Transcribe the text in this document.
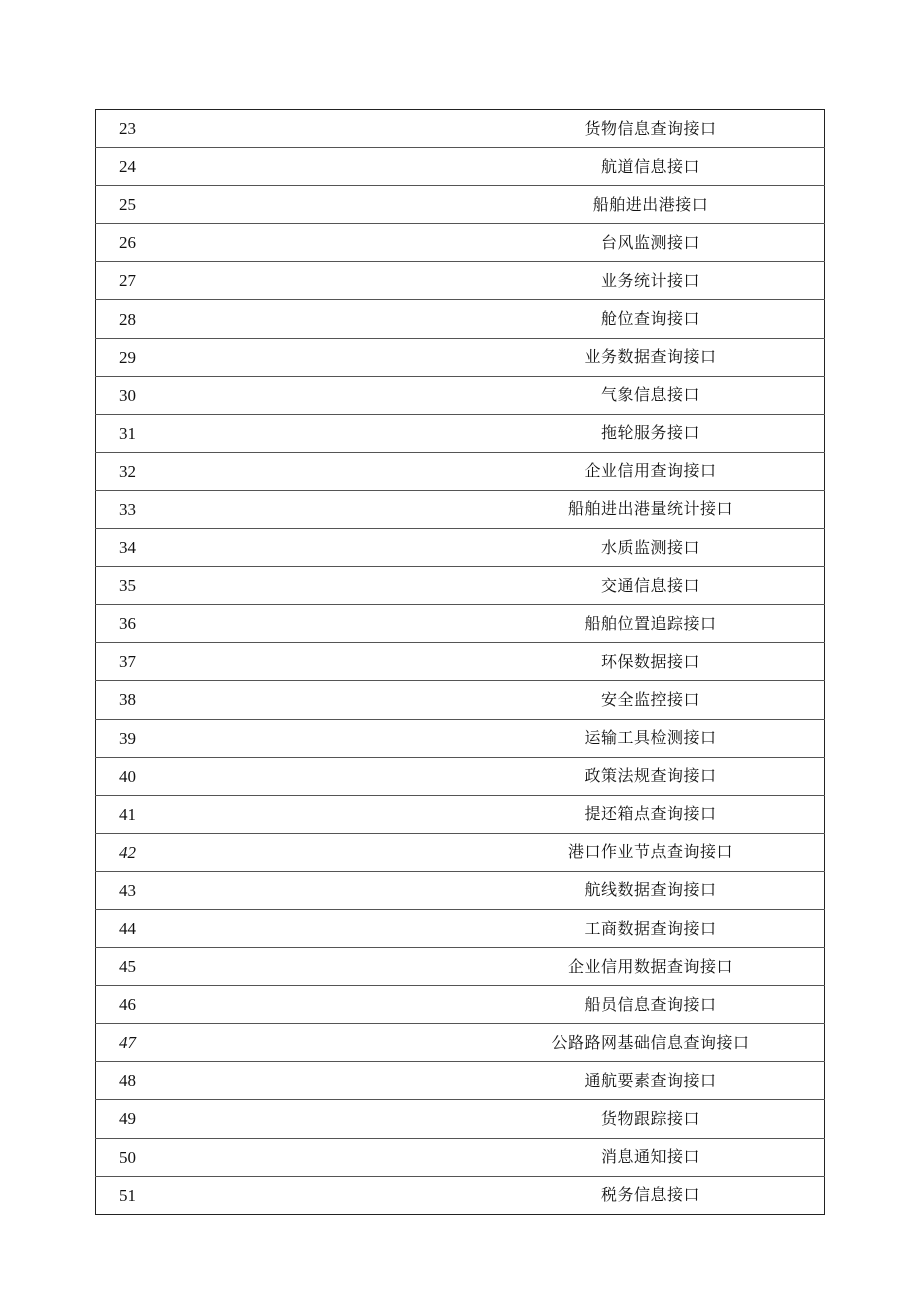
23	货物信息查询接口
24	航道信息接口
25	船舶进出港接口
26	台风监测接口
27	业务统计接口
28	舱位查询接口
29	业务数据查询接口
30	气象信息接口
31	拖轮服务接口
32	企业信用查询接口
33	船舶进出港量统计接口
34	水质监测接口
35	交通信息接口
36	船舶位置追踪接口
37	环保数据接口
38	安全监控接口
39	运输工具检测接口
40	政策法规查询接口
41	提还箱点查询接口
42	港口作业节点查询接口
43	航线数据查询接口
44	工商数据查询接口
45	企业信用数据查询接口
46	船员信息查询接口
47	公路路网基础信息查询接口
48	通航要素查询接口
49	货物跟踪接口
50	消息通知接口
51	税务信息接口
